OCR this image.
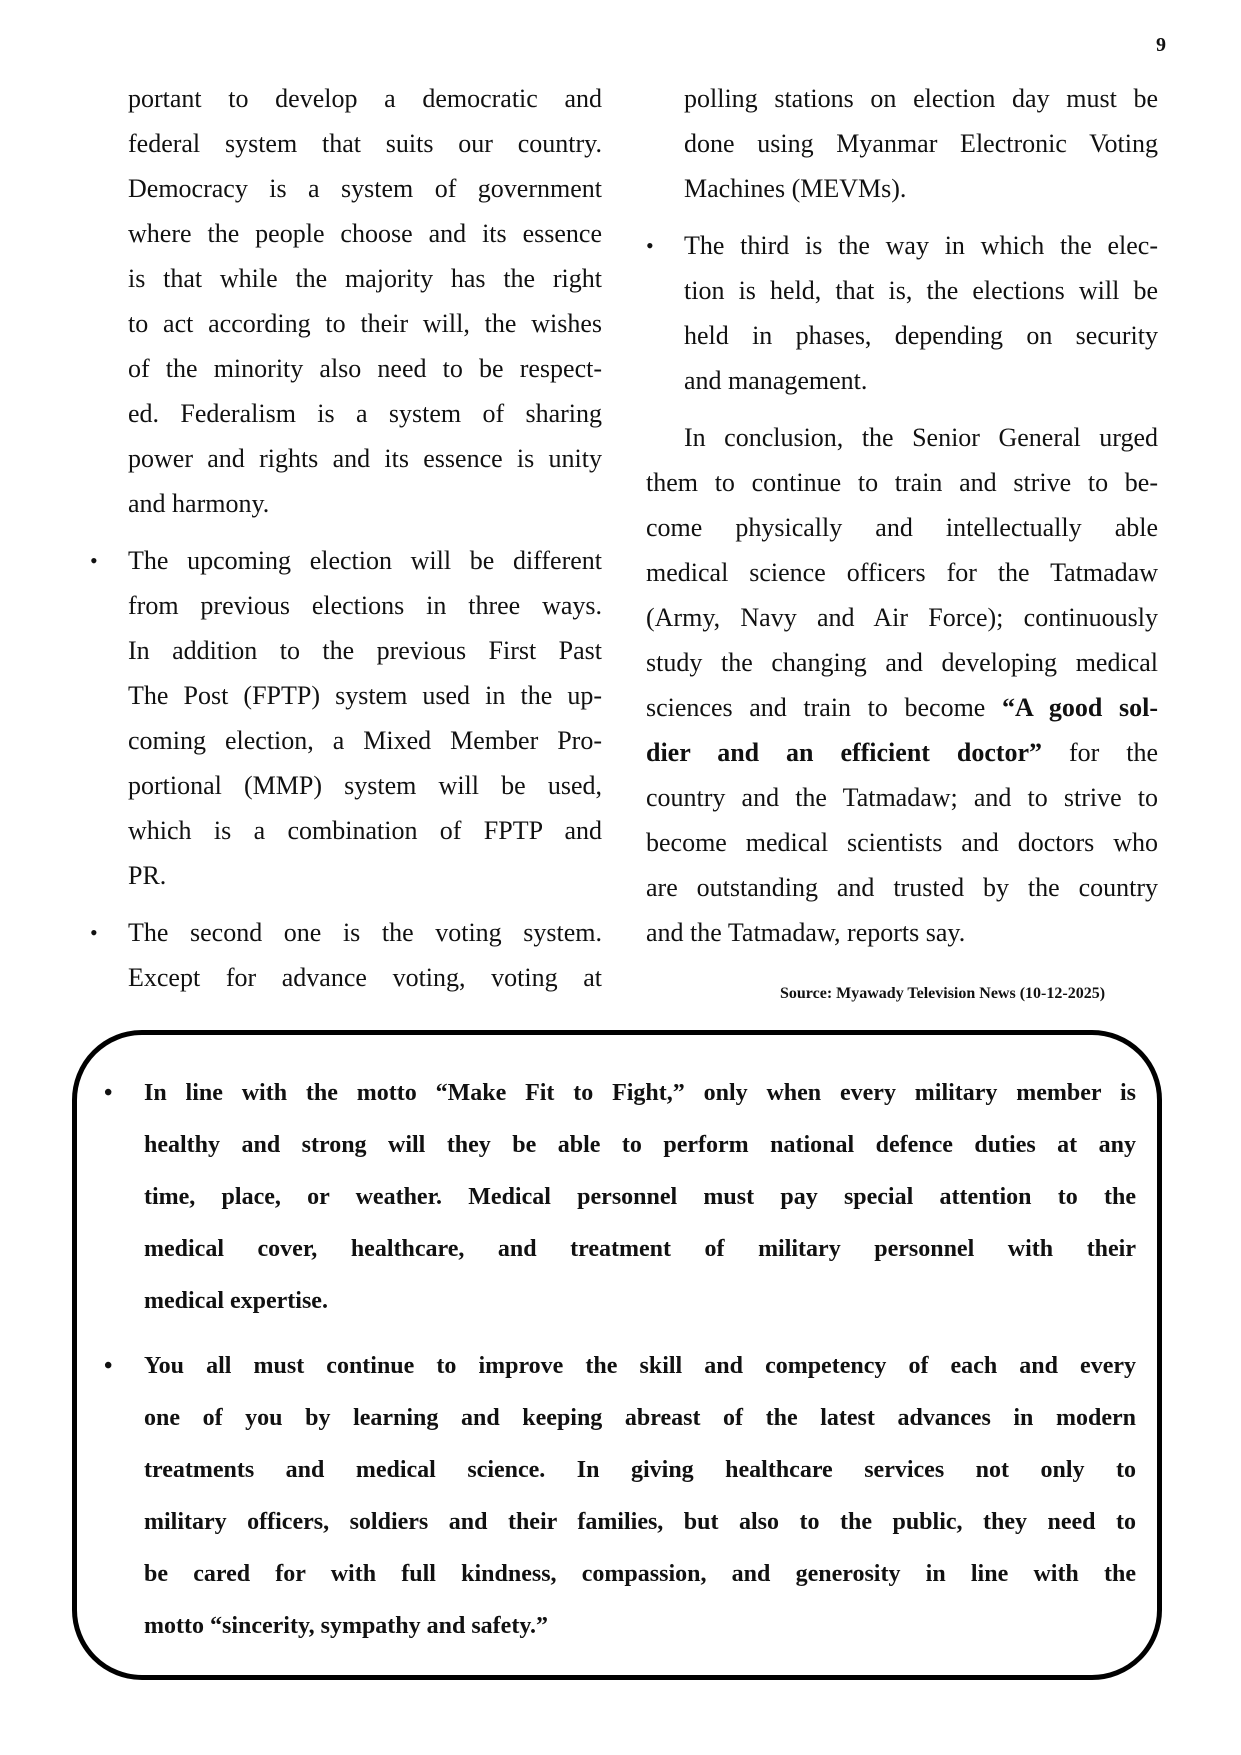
9
portant to develop a democratic and
federal system that suits our country.
Democracy is a system of government
where the people choose and its essence
is that while the majority has the right
to act according to their will, the wishes
of the minority also need to be respect-
ed. Federalism is a system of sharing
power and rights and its essence is unity
and harmony.
• The upcoming election will be different
from previous elections in three ways.
In addition to the previous First Past
The Post (FPTP) system used in the up-
coming election, a Mixed Member Pro-
portional (MMP) system will be used,
which is a combination of FPTP and
PR.
• The second one is the voting system.
Except for advance voting, voting at
polling stations on election day must be
done using Myanmar Electronic Voting
Machines (MEVMs).
• The third is the way in which the elec-
tion is held, that is, the elections will be
held in phases, depending on security
and management.
In conclusion, the Senior General urged
them to continue to train and strive to be-
come physically and intellectually able
medical science officers for the Tatmadaw
(Army, Navy and Air Force); continuously
study the changing and developing medical
sciences and train to become “A good sol-
dier and an efficient doctor” for the
country and the Tatmadaw; and to strive to
become medical scientists and doctors who
are outstanding and trusted by the country
and the Tatmadaw, reports say.
Source: Myawady Television News (10-12-2025)
• In line with the motto “Make Fit to Fight,” only when every military member is
healthy and strong will they be able to perform national defence duties at any
time, place, or weather. Medical personnel must pay special attention to the
medical cover, healthcare, and treatment of military personnel with their
medical expertise.
• You all must continue to improve the skill and competency of each and every
one of you by learning and keeping abreast of the latest advances in modern
treatments and medical science. In giving healthcare services not only to
military officers, soldiers and their families, but also to the public, they need to
be cared for with full kindness, compassion, and generosity in line with the
motto “sincerity, sympathy and safety.”
